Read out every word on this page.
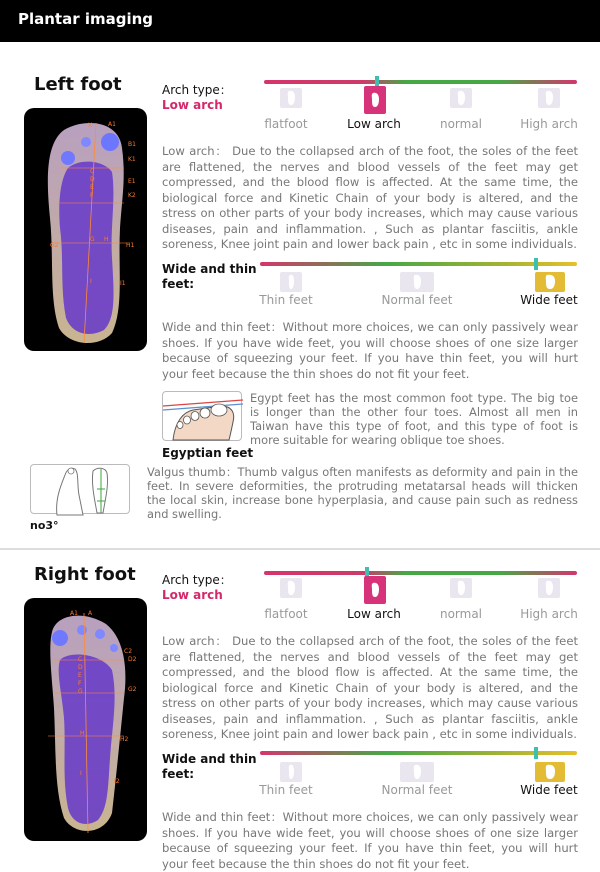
Plantar imaging
Left foot
X	A1
B1
K1
E1
K2
C
D
E
F
G
G2
H
H1
I	I1
Arch type： Low arch
flatfoot	Low arch	normal	High arch
Low arch： Due to the collapsed arch of the foot, the soles of the feet are flattened, the nerves and blood vessels of the feet may get compressed, and the blood flow is affected. At the same time, the biological force and Kinetic Chain of your body is altered, and the stress on other parts of your body increases, which may cause various diseases, pain and inflammation. , Such as plantar fasciitis, ankle soreness, Knee joint pain and lower back pain , etc in some individuals.
Wide and thin feet:
Thin feet	Normal feet	Wide feet
Wide and thin feet：Without more choices, we can only passively wear shoes. If you have wide feet, you will choose shoes of one size larger because of squeezing your feet. If you have thin feet, you will hurt your feet because the thin shoes do not fit your feet.
Egyptian feet
Egypt feet has the most common foot type. The big toe is longer than the other four toes. Almost all men in Taiwan have this type of foot, and this type of foot is more suitable for wearing oblique toe shoes.
no3°
Valgus thumb：Thumb valgus often manifests as deformity and pain in the feet. In severe deformities, the protruding metatarsal heads will thicken the local skin, increase bone hyperplasia, and cause pain such as redness and swelling.
Right foot
A1 A
C2
D2
C
D
E
F
G	G2
H
H2
I
I2
Arch type： Low arch
flatfoot	Low arch	normal	High arch
Low arch： Due to the collapsed arch of the foot, the soles of the feet are flattened, the nerves and blood vessels of the feet may get compressed, and the blood flow is affected. At the same time, the biological force and Kinetic Chain of your body is altered, and the stress on other parts of your body increases, which may cause various diseases, pain and inflammation. , Such as plantar fasciitis, ankle soreness, Knee joint pain and lower back pain , etc in some individuals.
Wide and thin feet:
Thin feet	Normal feet	Wide feet
Wide and thin feet：Without more choices, we can only passively wear shoes. If you have wide feet, you will choose shoes of one size larger because of squeezing your feet. If you have thin feet, you will hurt your feet because the thin shoes do not fit your feet.
